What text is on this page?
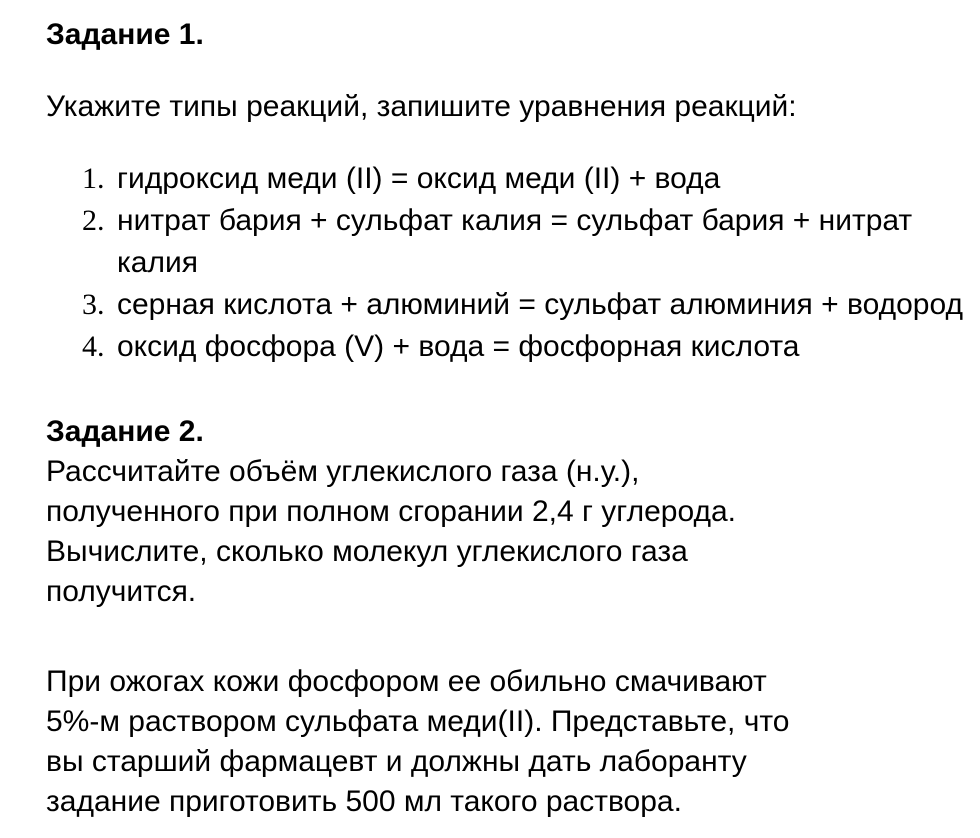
Задание 1.

Укажите типы реакций, запишите уравнения реакций:

1. гидроксид меди (II) = оксид меди (II) + вода
2. нитрат бария + сульфат калия = сульфат бария + нитрат калия
3. серная кислота + алюминий = сульфат алюминия + водород
4. оксид фосфора (V) + вода = фосфорная кислота
Задание 2.

Рассчитайте объём углекислого газа (н.у.),
полученного при полном сгорании 2,4 г углерода.
Вычислите, сколько молекул углекислого газа
получится.

При ожогах кожи фосфором ее обильно смачивают
5%-м раствором сульфата меди(II). Представьте, что
вы старший фармацевт и должны дать лаборанту
задание приготовить 500 мл такого раствора.
